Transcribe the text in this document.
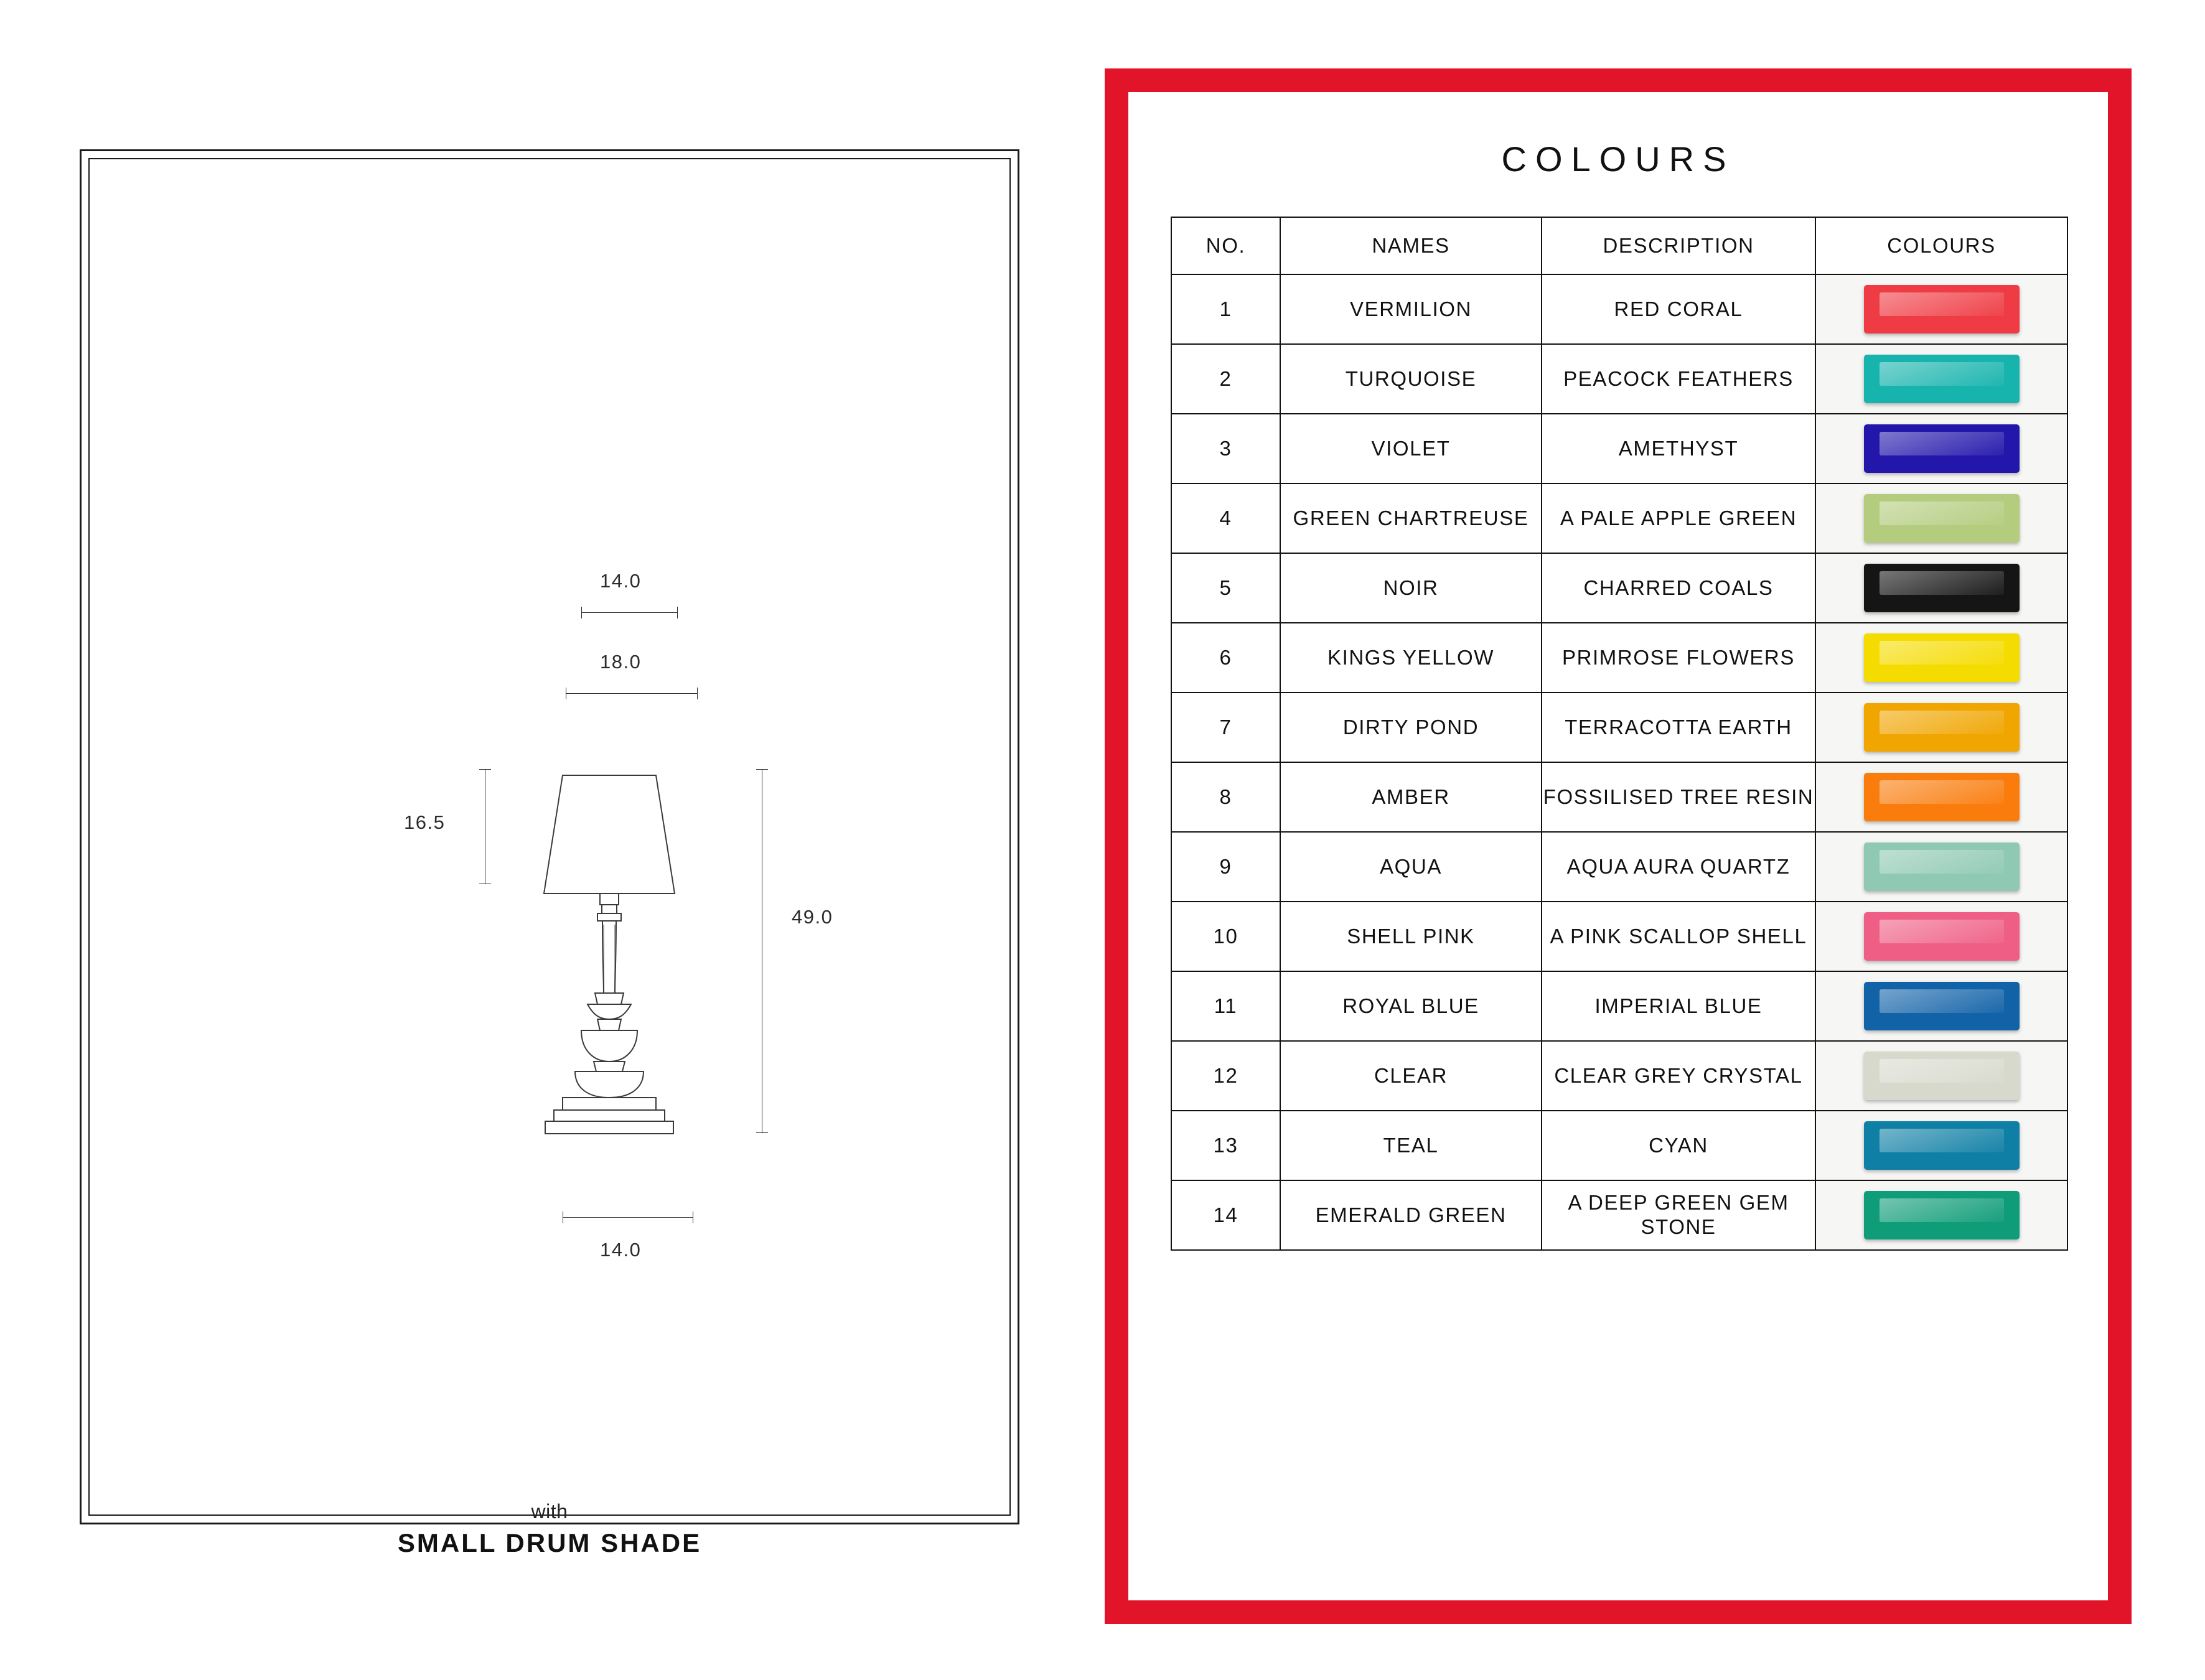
14.0
18.0
16.5
49.0
14.0
with
SMALL DRUM SHADE
COLOURS
NO.	NAMES	DESCRIPTION	COLOURS
1	VERMILION	RED CORAL	

2	TURQUOISE	PEACOCK FEATHERS	

3	VIOLET	AMETHYST	

4	GREEN CHARTREUSE	A PALE APPLE GREEN	

5	NOIR	CHARRED COALS	

6	KINGS YELLOW	PRIMROSE FLOWERS	

7	DIRTY POND	TERRACOTTA EARTH	

8	AMBER	FOSSILISED TREE RESIN	

9	AQUA	AQUA AURA QUARTZ	

10	SHELL PINK	A PINK SCALLOP SHELL	

11	ROYAL BLUE	IMPERIAL BLUE	

12	CLEAR	CLEAR GREY CRYSTAL	

13	TEAL	CYAN	

14	EMERALD GREEN	A DEEP GREEN GEM STONE	
